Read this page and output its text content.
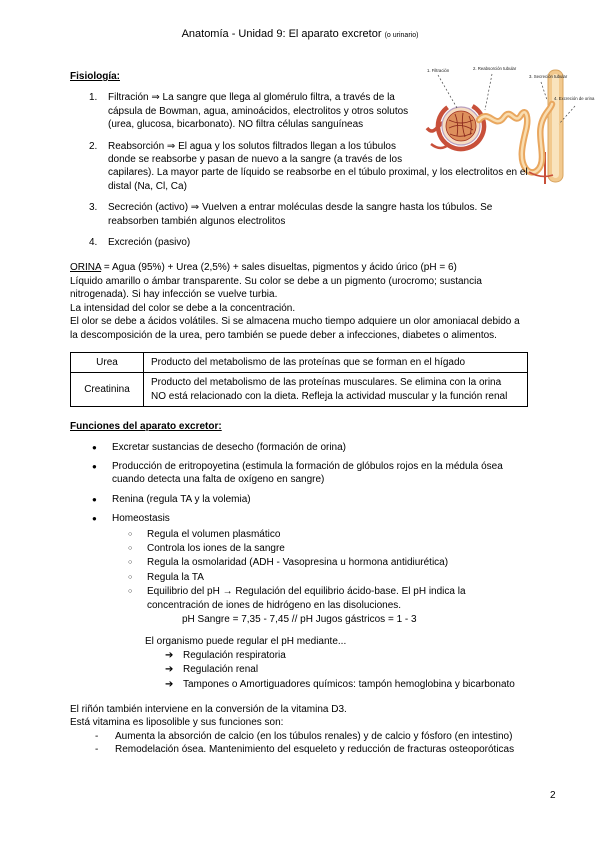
Anatomía - Unidad 9: El aparato excretor (o urinario)
1. Filtración	2. Reabsorción tubular
3. Secreción tubular
4. Excreción de orina
Fisiología:
1. Filtración ⇒ La sangre que llega al glomérulo filtra, a través de la cápsula de Bowman, agua, aminoácidos, electrolitos y otros solutos (urea, glucosa, bicarbonato). NO filtra células sanguíneas
2. Reabsorción ⇒ El agua y los solutos filtrados llegan a los túbulos donde se reabsorbe y pasan de nuevo a la sangre (a través de los capilares). La mayor parte de líquido se reabsorbe en el túbulo proximal, y los electrolitos en el distal (Na, Cl, Ca)
3. Secreción (activo) ⇒ Vuelven a entrar moléculas desde la sangre hasta los túbulos. Se reabsorben también algunos electrolitos
4. Excreción (pasivo)
ORINA = Agua (95%) + Urea (2,5%) + sales disueltas, pigmentos y ácido úrico (pH = 6)
Líquido amarillo o ámbar transparente. Su color se debe a un pigmento (urocromo; sustancia nitrogenada). Si hay infección se vuelve turbia.
La intensidad del color se debe a la concentración.
El olor se debe a ácidos volátiles. Si se almacena mucho tiempo adquiere un olor amoniacal debido a la descomposición de la urea, pero también se puede deber a infecciones, diabetes o alimentos.
Urea	Producto del metabolismo de las proteínas que se forman en el hígado
Creatinina	Producto del metabolismo de las proteínas musculares. Se elimina con la orina
NO está relacionado con la dieta. Refleja la actividad muscular y la función renal
Funciones del aparato excretor:
● Excretar sustancias de desecho (formación de orina)
● Producción de eritropoyetina (estimula la formación de glóbulos rojos en la médula ósea cuando detecta una falta de oxígeno en sangre)
● Renina (regula TA y la volemia)
● Homeostasis
○ Regula el volumen plasmático
○ Controla los iones de la sangre
○ Regula la osmolaridad (ADH - Vasopresina u hormona antidiurética)
○ Regula la TA
○ Equilibrio del pH → Regulación del equilibrio ácido-base. El pH indica la concentración de iones de hidrógeno en las disoluciones.
pH Sangre = 7,35 - 7,45 // pH Jugos gástricos = 1 - 3
El organismo puede regular el pH mediante...
➔ Regulación respiratoria
➔ Regulación renal
➔ Tampones o Amortiguadores químicos: tampón hemoglobina y bicarbonato
El riñón también interviene en la conversión de la vitamina D3.
Está vitamina es liposolible y sus funciones son:
- Aumenta la absorción de calcio (en los túbulos renales) y de calcio y fósforo (en intestino)
- Remodelación ósea. Mantenimiento del esqueleto y reducción de fracturas osteoporóticas
2
